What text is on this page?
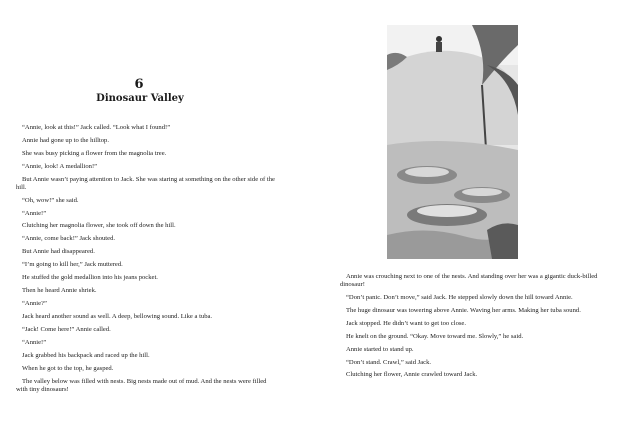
6
Dinosaur Valley

“Annie, look at this!” Jack called. “Look what I found!”

Annie had gone up to the hilltop.

She was busy picking a flower from the magnolia tree.

“Annie, look! A medallion!”

But Annie wasn’t paying attention to Jack. She was staring at something on the other side of the hill.

“Oh, wow!” she said.

“Annie!”

Clutching her magnolia flower, she took off down the hill.

“Annie, come back!” Jack shouted.

But Annie had disappeared.

“I’m going to kill her,” Jack muttered.

He stuffed the gold medallion into his jeans pocket.

Then he heard Annie shriek.

“Annie?”

Jack heard another sound as well. A deep, bellowing sound. Like a tuba.

“Jack! Come here!” Annie called.

“Annie!”

Jack grabbed his backpack and raced up the hill.

When he got to the top, he gasped.

The valley below was filled with nests. Big nests made out of mud. And the nests were filled with tiny dinosaurs!

Annie was crouching next to one of the nests. And standing over her was a gigantic duck-billed dinosaur!

“Don’t panic. Don’t move,” said Jack. He stepped slowly down the hill toward Annie.

The huge dinosaur was towering above Annie. Waving her arms. Making her tuba sound.

Jack stopped. He didn’t want to get too close.

He knelt on the ground. “Okay. Move toward me. Slowly,” he said.

Annie started to stand up.

“Don’t stand. Crawl,” said Jack.

Clutching her flower, Annie crawled toward Jack.
